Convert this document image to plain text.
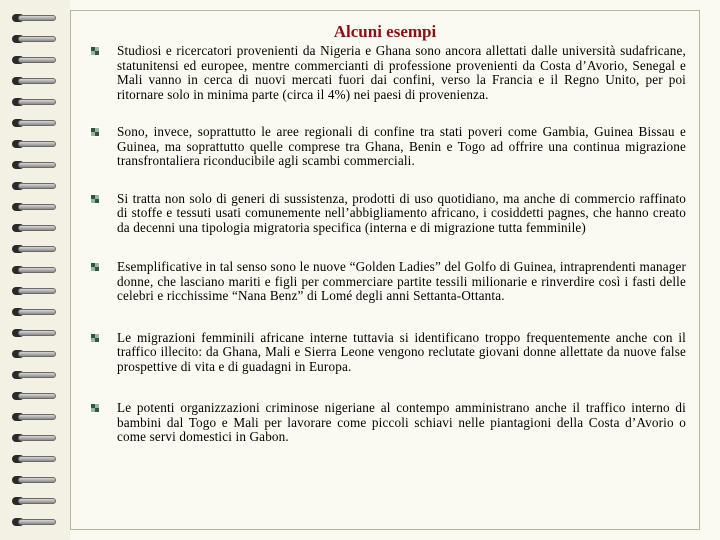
Alcuni esempi
Studiosi e ricercatori provenienti da Nigeria e Ghana sono ancora allettati dalle università sudafricane, statunitensi ed europee, mentre commercianti di professione provenienti da Costa d’Avorio, Senegal e Mali vanno in cerca di nuovi mercati fuori dai confini, verso la Francia e il Regno Unito, per poi ritornare solo in minima parte (circa il 4%) nei paesi di provenienza.
Sono, invece, soprattutto le aree regionali di confine tra stati poveri come Gambia, Guinea Bissau e Guinea, ma soprattutto quelle comprese tra Ghana, Benin e Togo ad offrire una continua migrazione transfrontaliera riconducibile agli scambi commerciali.
Si tratta non solo di generi di sussistenza, prodotti di uso quotidiano, ma anche di commercio raffinato di stoffe e tessuti usati comunemente nell’abbigliamento africano, i cosiddetti pagnes, che hanno creato da decenni una tipologia migratoria specifica (interna e di migrazione tutta femminile)
Esemplificative in tal senso sono le nuove “Golden Ladies” del Golfo di Guinea, intraprendenti manager donne, che lasciano mariti e figli per commerciare partite tessili milionarie e rinverdire così i fasti delle celebri e ricchissime “Nana Benz” di Lomé degli anni Settanta-Ottanta.
Le migrazioni femminili africane interne tuttavia si identificano troppo frequentemente anche con il traffico illecito: da Ghana, Mali e Sierra Leone vengono reclutate giovani donne allettate da nuove false prospettive di vita e di guadagni in Europa.
Le potenti organizzazioni criminose nigeriane al contempo amministrano anche il traffico interno di bambini dal Togo e Mali per lavorare come piccoli schiavi nelle piantagioni della Costa d’Avorio o come servi domestici in Gabon.
